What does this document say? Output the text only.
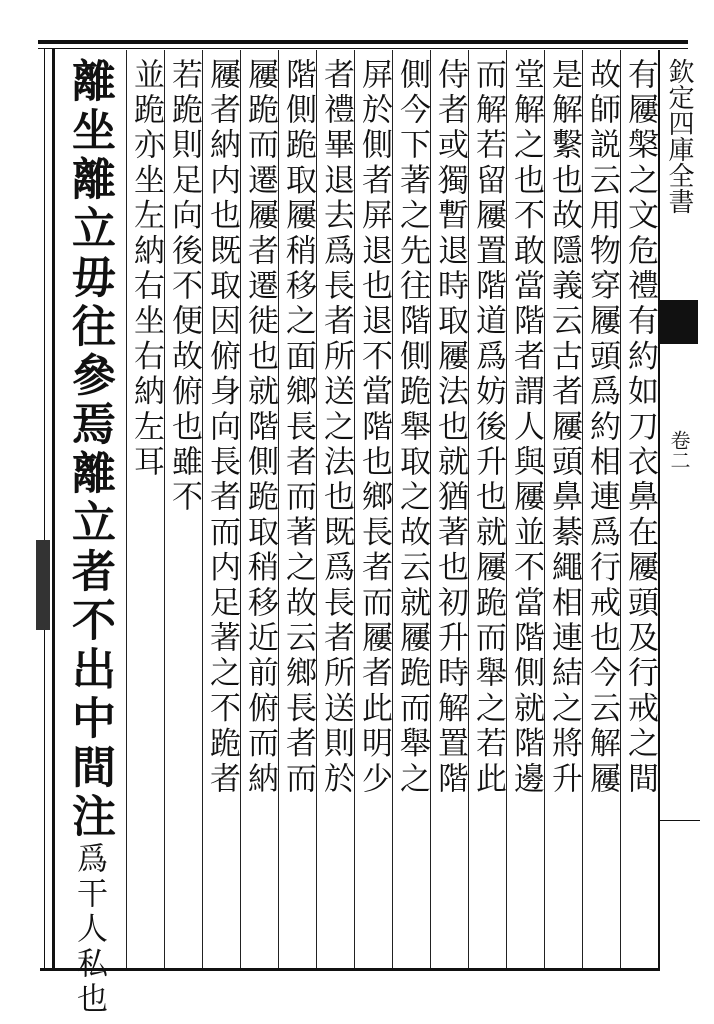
欽定四庫全書
卷二
有屨槃之文危禮有約如刀衣鼻在屨頭及行戒之間
故師説云用物穿屨頭爲約相連爲行戒也今云解屨
是解繫也故隱義云古者屨頭鼻綦繩相連結之將升
堂解之也不敢當階者謂人與屨並不當階側就階邊
而解若留屨置階道爲妨後升也就屨跪而舉之若此
侍者或獨暫退時取屨法也就猶著也初升時解置階
側今下著之先往階側跪舉取之故云就屨跪而舉之
屏於側者屏退也退不當階也鄉長者而屨者此明少
者禮畢退去爲長者所送之法也既爲長者所送則於
階側跪取屨稍移之面鄉長者而著之故云鄉長者而
屨跪而遷屨者遷徙也就階側跪取稍移近前俯而納
屨者納内也既取因俯身向長者而内足著之不跪者
若跪則足向後不便故俯也雖不
並跪亦坐左納右坐右納左耳
離坐離立毋往參焉離立者不出中間注爲干人私也
